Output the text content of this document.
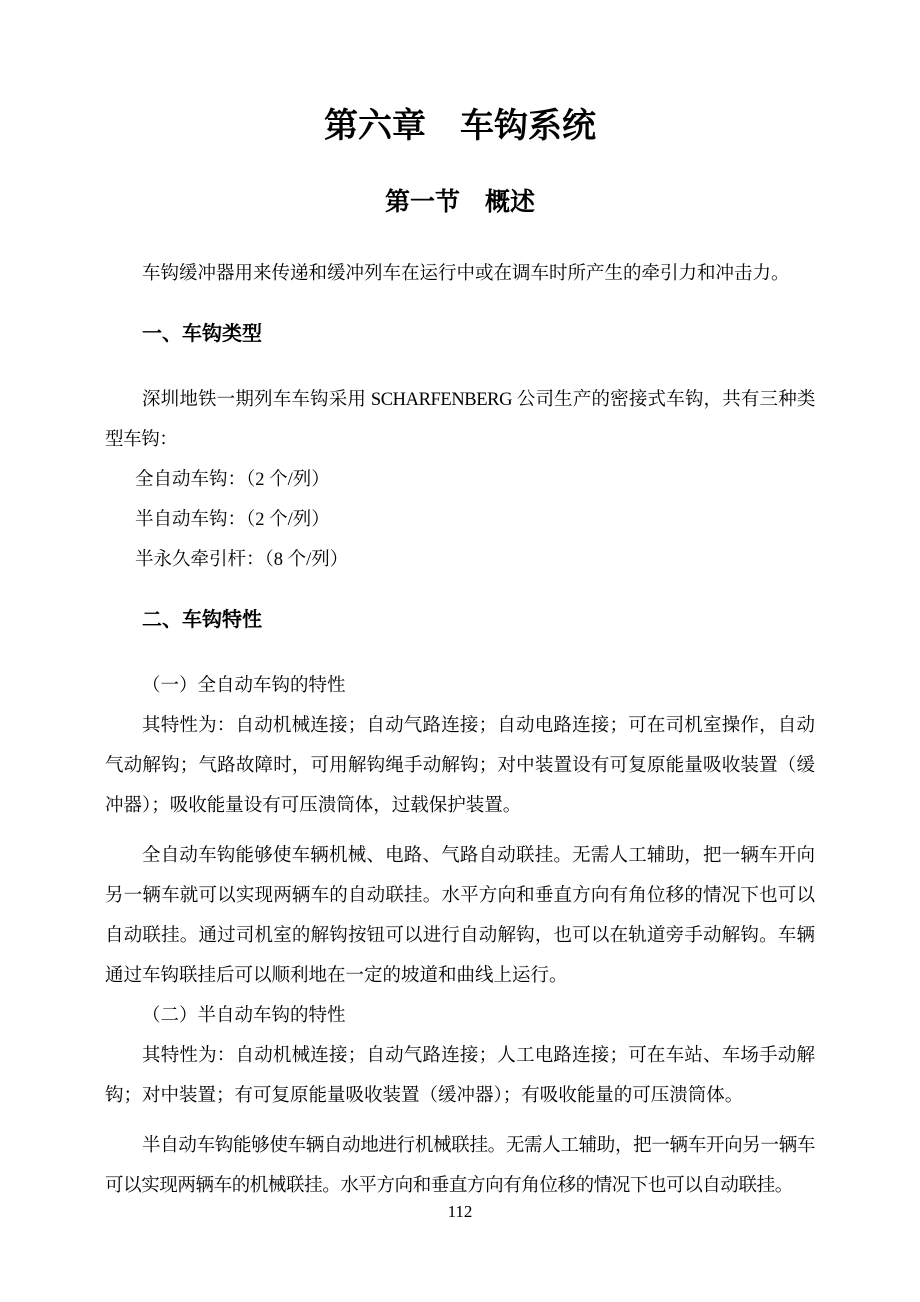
第六章　车钩系统
第一节　概述

车钩缓冲器用来传递和缓冲列车在运行中或在调车时所产生的牵引力和冲击力。

一、车钩类型

深圳地铁一期列车车钩采用 SCHARFENBERG 公司生产的密接式车钩，共有三种类型车钩：

全自动车钩：（2 个/列）

半自动车钩：（2 个/列）

半永久牵引杆：（8 个/列）

二、车钩特性

（一）全自动车钩的特性

其特性为：自动机械连接；自动气路连接；自动电路连接；可在司机室操作，自动气动解钩；气路故障时，可用解钩绳手动解钩；对中装置设有可复原能量吸收装置（缓冲器）；吸收能量设有可压溃筒体，过载保护装置。

全自动车钩能够使车辆机械、电路、气路自动联挂。无需人工辅助，把一辆车开向另一辆车就可以实现两辆车的自动联挂。水平方向和垂直方向有角位移的情况下也可以自动联挂。通过司机室的解钩按钮可以进行自动解钩，也可以在轨道旁手动解钩。车辆通过车钩联挂后可以顺利地在一定的坡道和曲线上运行。

（二）半自动车钩的特性

其特性为：自动机械连接；自动气路连接；人工电路连接；可在车站、车场手动解钩；对中装置；有可复原能量吸收装置（缓冲器）；有吸收能量的可压溃筒体。

半自动车钩能够使车辆自动地进行机械联挂。无需人工辅助，把一辆车开向另一辆车可以实现两辆车的机械联挂。水平方向和垂直方向有角位移的情况下也可以自动联挂。

112
